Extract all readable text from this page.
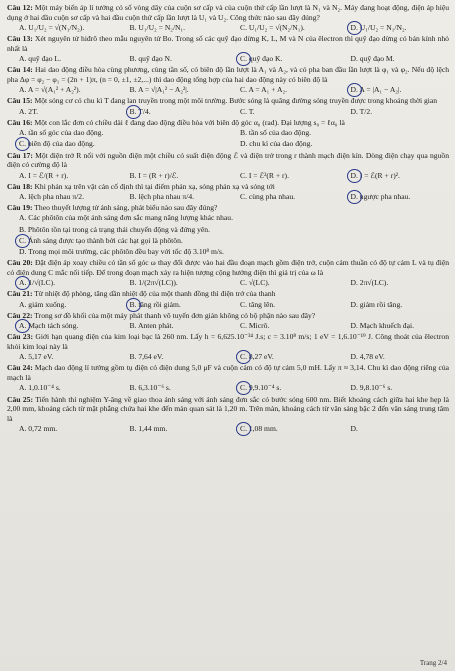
Câu 12: Một máy biến áp lí tưởng có số vòng dây của cuộn sơ cấp và của cuộn thứ cấp lần lượt là N₁ và N₂. Máy đang hoạt động, điện áp hiệu dụng ở hai đầu cuộn sơ cấp và hai đầu cuộn thứ cấp lần lượt là U₁ và U₂. Công thức nào sau đây đúng?
A. U₁/U₂ = √(N₁/N₂).	B. U₁/U₂ = N₂/N₁.	C. U₁/U₂ = √(N₂/N₁).	D. U₁/U₂ = N₁/N₂.
Câu 13: Xét nguyên tử hiđrô theo mẫu nguyên tử Bo. Trong số các quỹ đạo dừng K, L, M và N của êlectron thì quỹ đạo dừng có bán kính nhỏ nhất là
A. quỹ đạo L.	B. quỹ đạo N.	C. quỹ đạo K.	D. quỹ đạo M.
Câu 14: Hai dao động điều hòa cùng phương, cùng tần số, có biên độ lần lượt là A₁ và A₂, và có pha ban đầu lần lượt là φ₁ và φ₂. Nếu độ lệch pha Δφ = φ₂ − φ₁ = (2n + 1)π, (n = 0, ±1, ±2,...) thì dao động tổng hợp của hai dao động này có biên độ là
A. A = √(A₁² + A₂²).	B. A = √|A₁² − A₂²|.	C. A = A₁ + A₂.	D. A = |A₁ − A₂|.
Câu 15: Một sóng cơ có chu kì T đang lan truyền trong một môi trường. Bước sóng là quãng đường sóng truyền được trong khoảng thời gian
A. 2T.	B. T/4.	C. T.	D. T/2.
Câu 16: Một con lắc đơn có chiều dài ℓ đang dao động điều hòa với biên độ góc α₀ (rad). Đại lượng s₀ = ℓα₀ là
A. tần số góc của dao động.	B. tần số của dao động.
C. biên độ của dao động.	D. chu kì của dao động.
Câu 17: Một điện trở R nối với nguồn điện một chiều có suất điện động ℰ và điện trở trong r thành mạch điện kín. Dòng điện chạy qua nguồn điện có cường độ là
A. I = ℰ/(R + r).	B. I = (R + r)/ℰ.	C. I = ℰ²(R + r).	D. I = ℰ(R + r)².
Câu 18: Khi phản xạ trên vật cản cố định thì tại điểm phản xạ, sóng phản xạ và sóng tới
A. lệch pha nhau π/2.	B. lệch pha nhau π/4.	C. cùng pha nhau.	D. ngược pha nhau.
Câu 19: Theo thuyết lượng tử ánh sáng, phát biểu nào sau đây đúng?
A. Các phôtôn của một ánh sáng đơn sắc mang năng lượng khác nhau.
B. Phôtôn tồn tại trong cả trạng thái chuyển động và đứng yên.
C. Ánh sáng được tạo thành bởi các hạt gọi là phôtôn.
D. Trong mọi môi trường, các phôtôn đều bay với tốc độ 3.10⁸ m/s.
Câu 20: Đặt điện áp xoay chiều có tần số góc ω thay đổi được vào hai đầu đoạn mạch gồm điện trở, cuộn cảm thuần có độ tự cảm L và tụ điện có điện dung C mắc nối tiếp. Để trong đoạn mạch xảy ra hiện tượng cộng hưởng điện thì giá trị của ω là
A. 1/√(LC).	B. 1/(2π√(LC)).	C. √(LC).	D. 2π√(LC).
Câu 21: Từ nhiệt độ phòng, tăng dần nhiệt độ của một thanh đồng thì điện trở của thanh
A. giảm xuống.	B. tăng rồi giảm.	C. tăng lên.	D. giảm rồi tăng.
Câu 22: Trong sơ đồ khối của một máy phát thanh vô tuyến đơn giản không có bộ phận nào sau đây?
A. Mạch tách sóng.	B. Anten phát.	C. Micrô.	D. Mạch khuếch đại.
Câu 23: Giới hạn quang điện của kim loại bạc là 260 nm. Lấy h = 6,625.10⁻³⁴ J.s; c = 3.10⁸ m/s; 1 eV = 1,6.10⁻¹⁹ J. Công thoát của êlectron khỏi kim loại này là
A. 5,17 eV.	B. 7,64 eV.	C. 8,27 eV.	D. 4,78 eV.
Câu 24: Mạch dao động lí tưởng gồm tụ điện có điện dung 5,0 μF và cuộn cảm có độ tự cảm 5,0 mH. Lấy π ≈ 3,14. Chu kì dao động riêng của mạch là
A. 1,0.10⁻⁴ s.	B. 6,3.10⁻⁶ s.	C. 9,9.10⁻⁴ s.	D. 9,8.10⁻⁶ s.
Câu 25: Tiến hành thí nghiệm Y-âng về giao thoa ánh sáng với ánh sáng đơn sắc có bước sóng 600 nm. Biết khoảng cách giữa hai khe hẹp là 2,00 mm, khoảng cách từ mặt phẳng chứa hai khe đến màn quan sát là 1,20 m. Trên màn, khoảng cách từ vân sáng bậc 2 đến vân sáng trung tâm là
A. 0,72 mm.	B. 1,44 mm.	C. 1,08 mm.	D.
Trang 2/4
